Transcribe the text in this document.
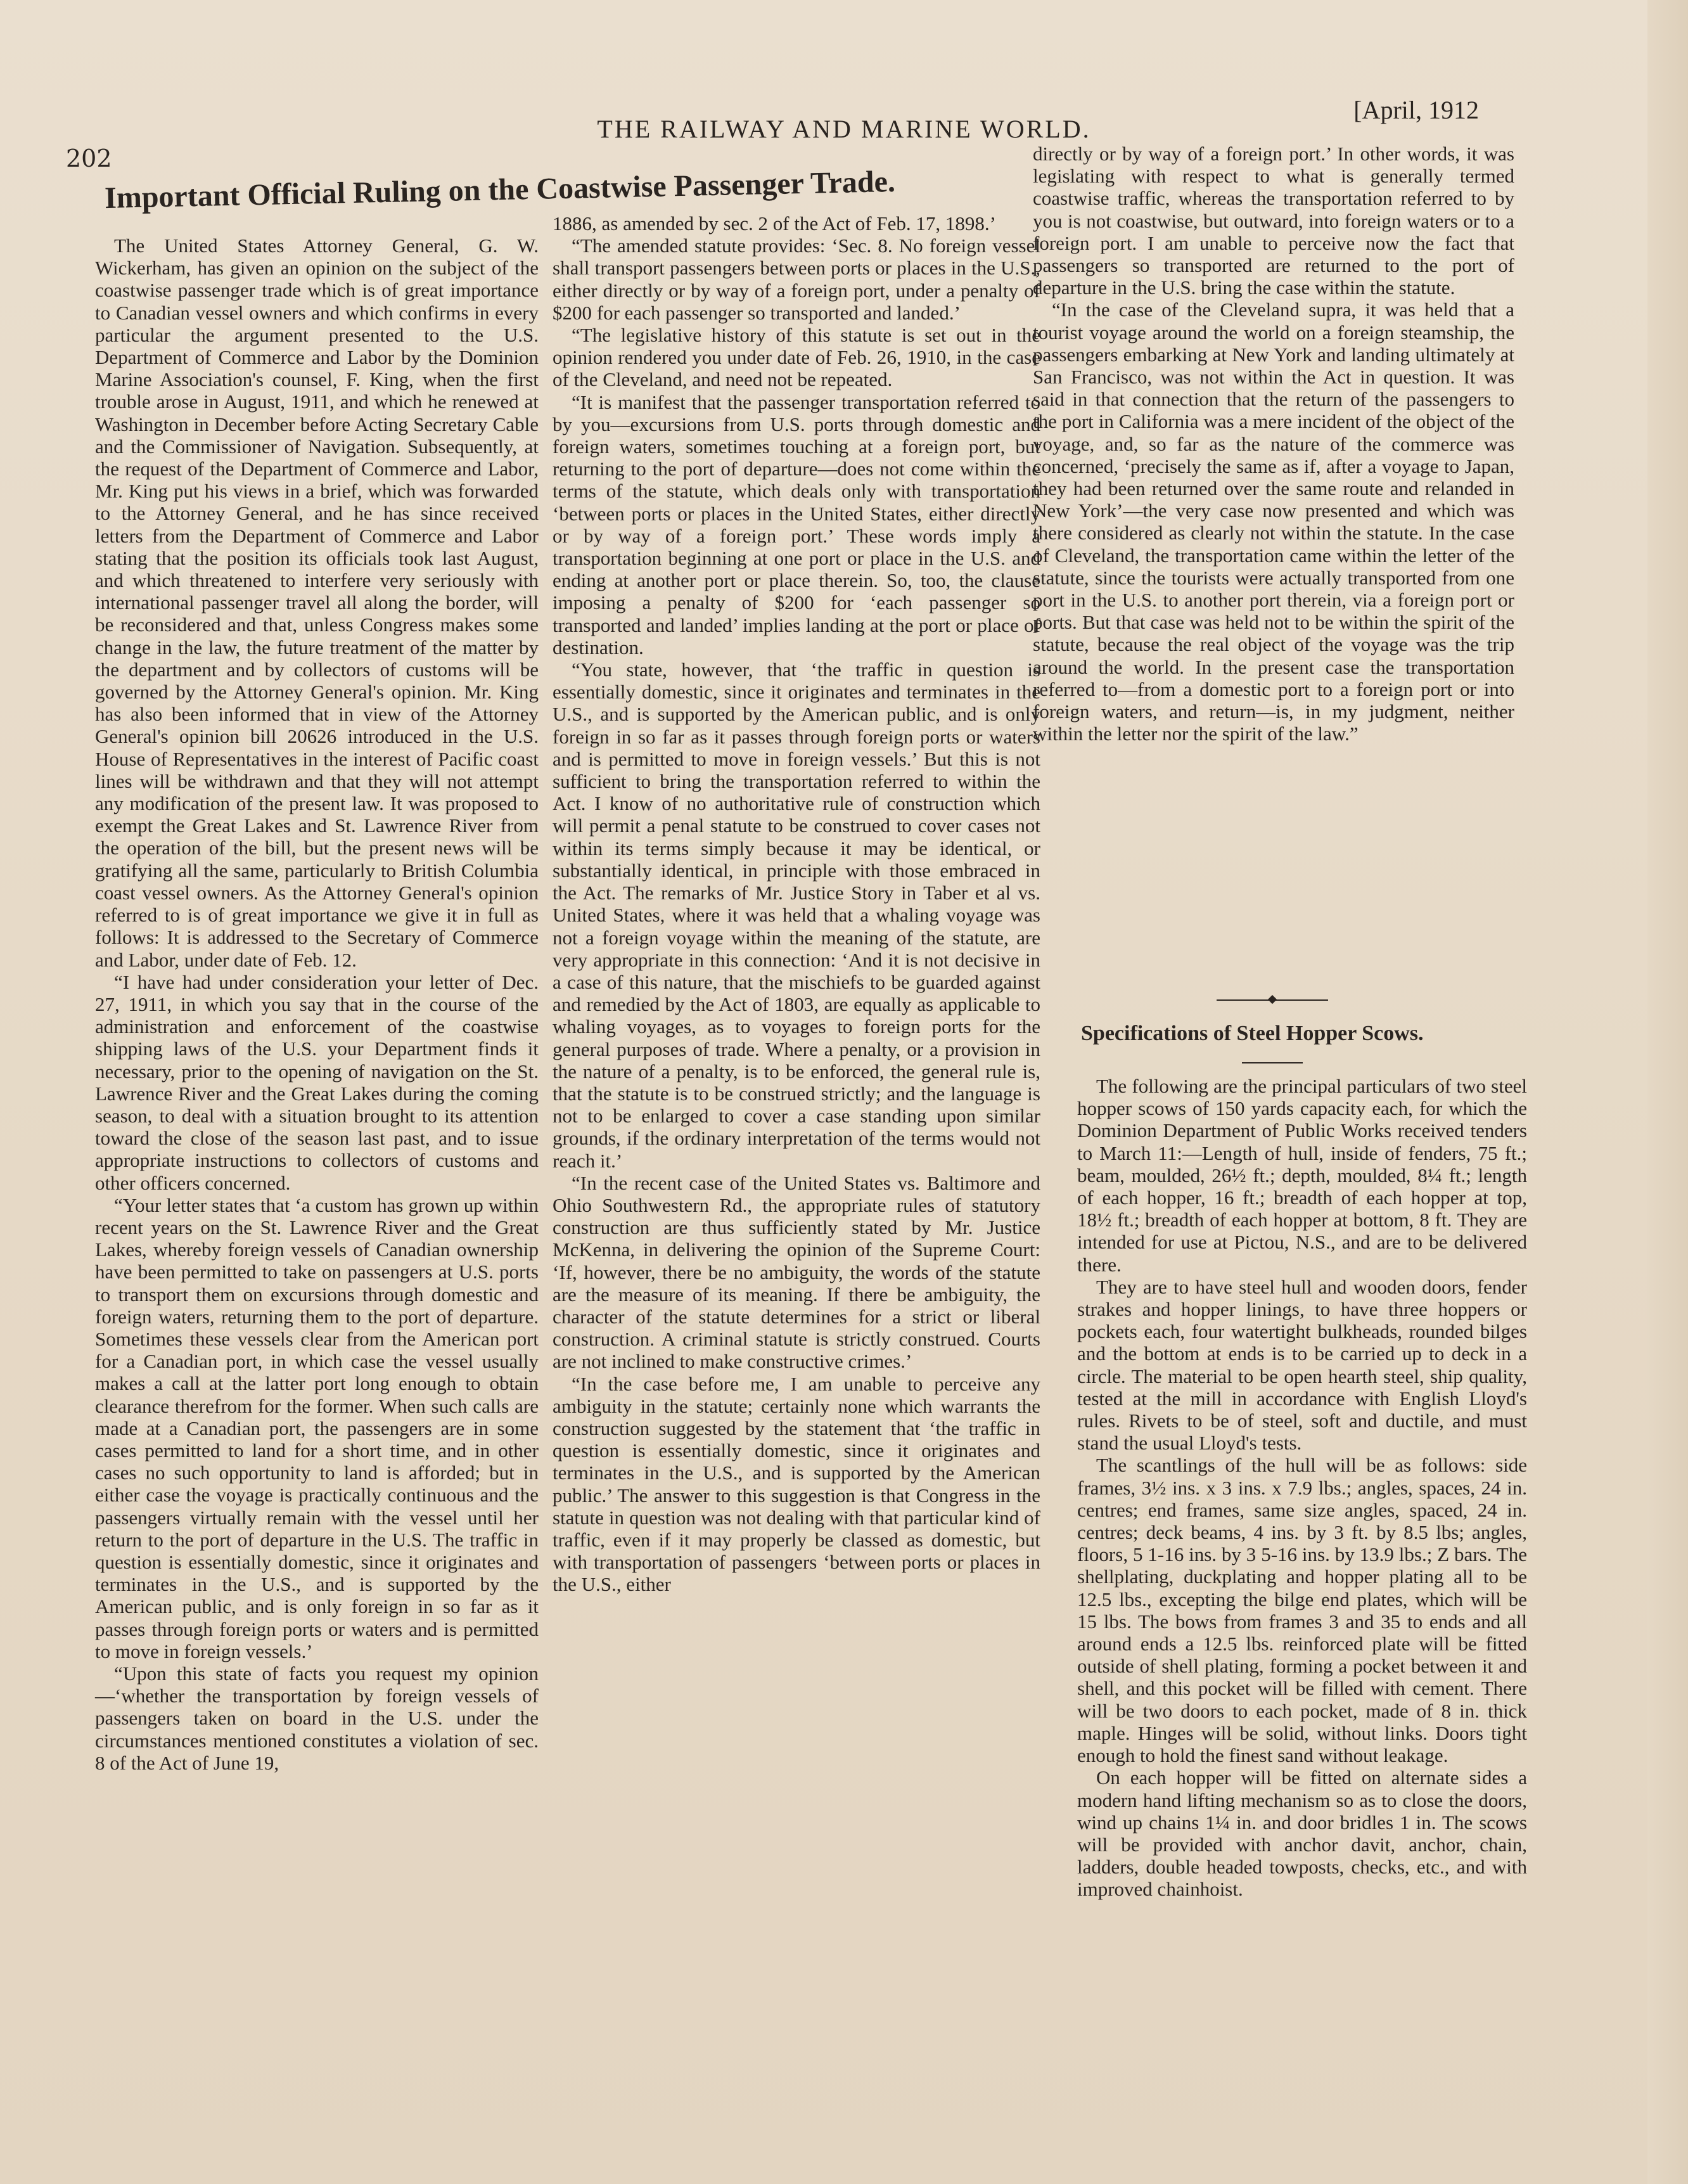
[April, 1912
202
THE RAILWAY AND MARINE WORLD.
Important Official Ruling on the Coastwise Passenger Trade.

The United States Attorney General, G. W. Wickerham, has given an opinion on the subject of the coastwise passenger trade which is of great importance to Canadian vessel owners and which confirms in every particular the argument presented to the U.S. Department of Commerce and Labor by the Dominion Marine Association's counsel, F. King, when the first trouble arose in August, 1911, and which he renewed at Washington in December before Acting Secretary Cable and the Commissioner of Navigation. Subsequently, at the request of the Department of Commerce and Labor, Mr. King put his views in a brief, which was forwarded to the Attorney General, and he has since received letters from the Department of Commerce and Labor stating that the position its officials took last August, and which threatened to interfere very seriously with international passenger travel all along the border, will be reconsidered and that, unless Congress makes some change in the law, the future treatment of the matter by the department and by collectors of customs will be governed by the Attorney General's opinion. Mr. King has also been informed that in view of the Attorney General's opinion bill 20626 introduced in the U.S. House of Representatives in the interest of Pacific coast lines will be withdrawn and that they will not attempt any modification of the present law. It was proposed to exempt the Great Lakes and St. Lawrence River from the operation of the bill, but the present news will be gratifying all the same, particularly to British Columbia coast vessel owners. As the Attorney General's opinion referred to is of great importance we give it in full as follows: It is addressed to the Secretary of Commerce and Labor, under date of Feb. 12.

“I have had under consideration your letter of Dec. 27, 1911, in which you say that in the course of the administration and enforcement of the coastwise shipping laws of the U.S. your Department finds it necessary, prior to the opening of navigation on the St. Lawrence River and the Great Lakes during the coming season, to deal with a situation brought to its attention toward the close of the season last past, and to issue appropriate instructions to collectors of customs and other officers concerned.

“Your letter states that ‘a custom has grown up within recent years on the St. Lawrence River and the Great Lakes, whereby foreign vessels of Canadian ownership have been permitted to take on passengers at U.S. ports to transport them on excursions through domestic and foreign waters, returning them to the port of departure. Sometimes these vessels clear from the American port for a Canadian port, in which case the vessel usually makes a call at the latter port long enough to obtain clearance therefrom for the former. When such calls are made at a Canadian port, the passengers are in some cases permitted to land for a short time, and in other cases no such opportunity to land is afforded; but in either case the voyage is practically continuous and the passengers virtually remain with the vessel until her return to the port of departure in the U.S. The traffic in question is essentially domestic, since it originates and terminates in the U.S., and is supported by the American public, and is only foreign in so far as it passes through foreign ports or waters and is permitted to move in foreign vessels.’

“Upon this state of facts you request my opinion—‘whether the transportation by foreign vessels of passengers taken on board in the U.S. under the circumstances mentioned constitutes a violation of sec. 8 of the Act of June 19,

1886, as amended by sec. 2 of the Act of Feb. 17, 1898.’

“The amended statute provides: ‘Sec. 8. No foreign vessel shall transport passengers between ports or places in the U.S., either directly or by way of a foreign port, under a penalty of $200 for each passenger so transported and landed.’

“The legislative history of this statute is set out in the opinion rendered you under date of Feb. 26, 1910, in the case of the Cleveland, and need not be repeated.

“It is manifest that the passenger transportation referred to by you—excursions from U.S. ports through domestic and foreign waters, sometimes touching at a foreign port, but returning to the port of departure—does not come within the terms of the statute, which deals only with transportation ‘between ports or places in the United States, either directly or by way of a foreign port.’ These words imply a transportation beginning at one port or place in the U.S. and ending at another port or place therein. So, too, the clause imposing a penalty of $200 for ‘each passenger so transported and landed’ implies landing at the port or place of destination.

“You state, however, that ‘the traffic in question is essentially domestic, since it originates and terminates in the U.S., and is supported by the American public, and is only foreign in so far as it passes through foreign ports or waters and is permitted to move in foreign vessels.’ But this is not sufficient to bring the transportation referred to within the Act. I know of no authoritative rule of construction which will permit a penal statute to be construed to cover cases not within its terms simply because it may be identical, or substantially identical, in principle with those embraced in the Act. The remarks of Mr. Justice Story in Taber et al vs. United States, where it was held that a whaling voyage was not a foreign voyage within the meaning of the statute, are very appropriate in this connection: ‘And it is not decisive in a case of this nature, that the mischiefs to be guarded against and remedied by the Act of 1803, are equally as applicable to whaling voyages, as to voyages to foreign ports for the general purposes of trade. Where a penalty, or a provision in the nature of a penalty, is to be enforced, the general rule is, that the statute is to be construed strictly; and the language is not to be enlarged to cover a case standing upon similar grounds, if the ordinary interpretation of the terms would not reach it.’

“In the recent case of the United States vs. Baltimore and Ohio Southwestern Rd., the appropriate rules of statutory construction are thus sufficiently stated by Mr. Justice McKenna, in delivering the opinion of the Supreme Court: ‘If, however, there be no ambiguity, the words of the statute are the measure of its meaning. If there be ambiguity, the character of the statute determines for a strict or liberal construction. A criminal statute is strictly construed. Courts are not inclined to make constructive crimes.’

“In the case before me, I am unable to perceive any ambiguity in the statute; certainly none which warrants the construction suggested by the statement that ‘the traffic in question is essentially domestic, since it originates and terminates in the U.S., and is supported by the American public.’ The answer to this suggestion is that Congress in the statute in question was not dealing with that particular kind of traffic, even if it may properly be classed as domestic, but with transportation of passengers ‘between ports or places in the U.S., either

directly or by way of a foreign port.’ In other words, it was legislating with respect to what is generally termed coastwise traffic, whereas the transportation referred to by you is not coastwise, but outward, into foreign waters or to a foreign port. I am unable to perceive now the fact that passengers so transported are returned to the port of departure in the U.S. bring the case within the statute.

“In the case of the Cleveland supra, it was held that a tourist voyage around the world on a foreign steamship, the passengers embarking at New York and landing ultimately at San Francisco, was not within the Act in question. It was said in that connection that the return of the passengers to the port in California was a mere incident of the object of the voyage, and, so far as the nature of the commerce was concerned, ‘precisely the same as if, after a voyage to Japan, they had been returned over the same route and relanded in New York’—the very case now presented and which was there considered as clearly not within the statute. In the case of Cleveland, the transportation came within the letter of the statute, since the tourists were actually transported from one port in the U.S. to another port therein, via a foreign port or ports. But that case was held not to be within the spirit of the statute, because the real object of the voyage was the trip around the world. In the present case the transportation referred to—from a domestic port to a foreign port or into foreign waters, and return—is, in my judgment, neither within the letter nor the spirit of the law.”

Specifications of Steel Hopper Scows.

The following are the principal particulars of two steel hopper scows of 150 yards capacity each, for which the Dominion Department of Public Works received tenders to March 11:—Length of hull, inside of fenders, 75 ft.; beam, moulded, 26½ ft.; depth, moulded, 8¼ ft.; length of each hopper, 16 ft.; breadth of each hopper at top, 18½ ft.; breadth of each hopper at bottom, 8 ft. They are intended for use at Pictou, N.S., and are to be delivered there.

They are to have steel hull and wooden doors, fender strakes and hopper linings, to have three hoppers or pockets each, four watertight bulkheads, rounded bilges and the bottom at ends is to be carried up to deck in a circle. The material to be open hearth steel, ship quality, tested at the mill in accordance with English Lloyd's rules. Rivets to be of steel, soft and ductile, and must stand the usual Lloyd's tests.

The scantlings of the hull will be as follows: side frames, 3½ ins. x 3 ins. x 7.9 lbs.; angles, spaces, 24 in. centres; end frames, same size angles, spaced, 24 in. centres; deck beams, 4 ins. by 3 ft. by 8.5 lbs; angles, floors, 5 1-16 ins. by 3 5-16 ins. by 13.9 lbs.; Z bars. The shellplating, duckplating and hopper plating all to be 12.5 lbs., excepting the bilge end plates, which will be 15 lbs. The bows from frames 3 and 35 to ends and all around ends a 12.5 lbs. reinforced plate will be fitted outside of shell plating, forming a pocket between it and shell, and this pocket will be filled with cement. There will be two doors to each pocket, made of 8 in. thick maple. Hinges will be solid, without links. Doors tight enough to hold the finest sand without leakage.

On each hopper will be fitted on alternate sides a modern hand lifting mechanism so as to close the doors, wind up chains 1¼ in. and door bridles 1 in. The scows will be provided with anchor davit, anchor, chain, ladders, double headed towposts, checks, etc., and with improved chainhoist.
